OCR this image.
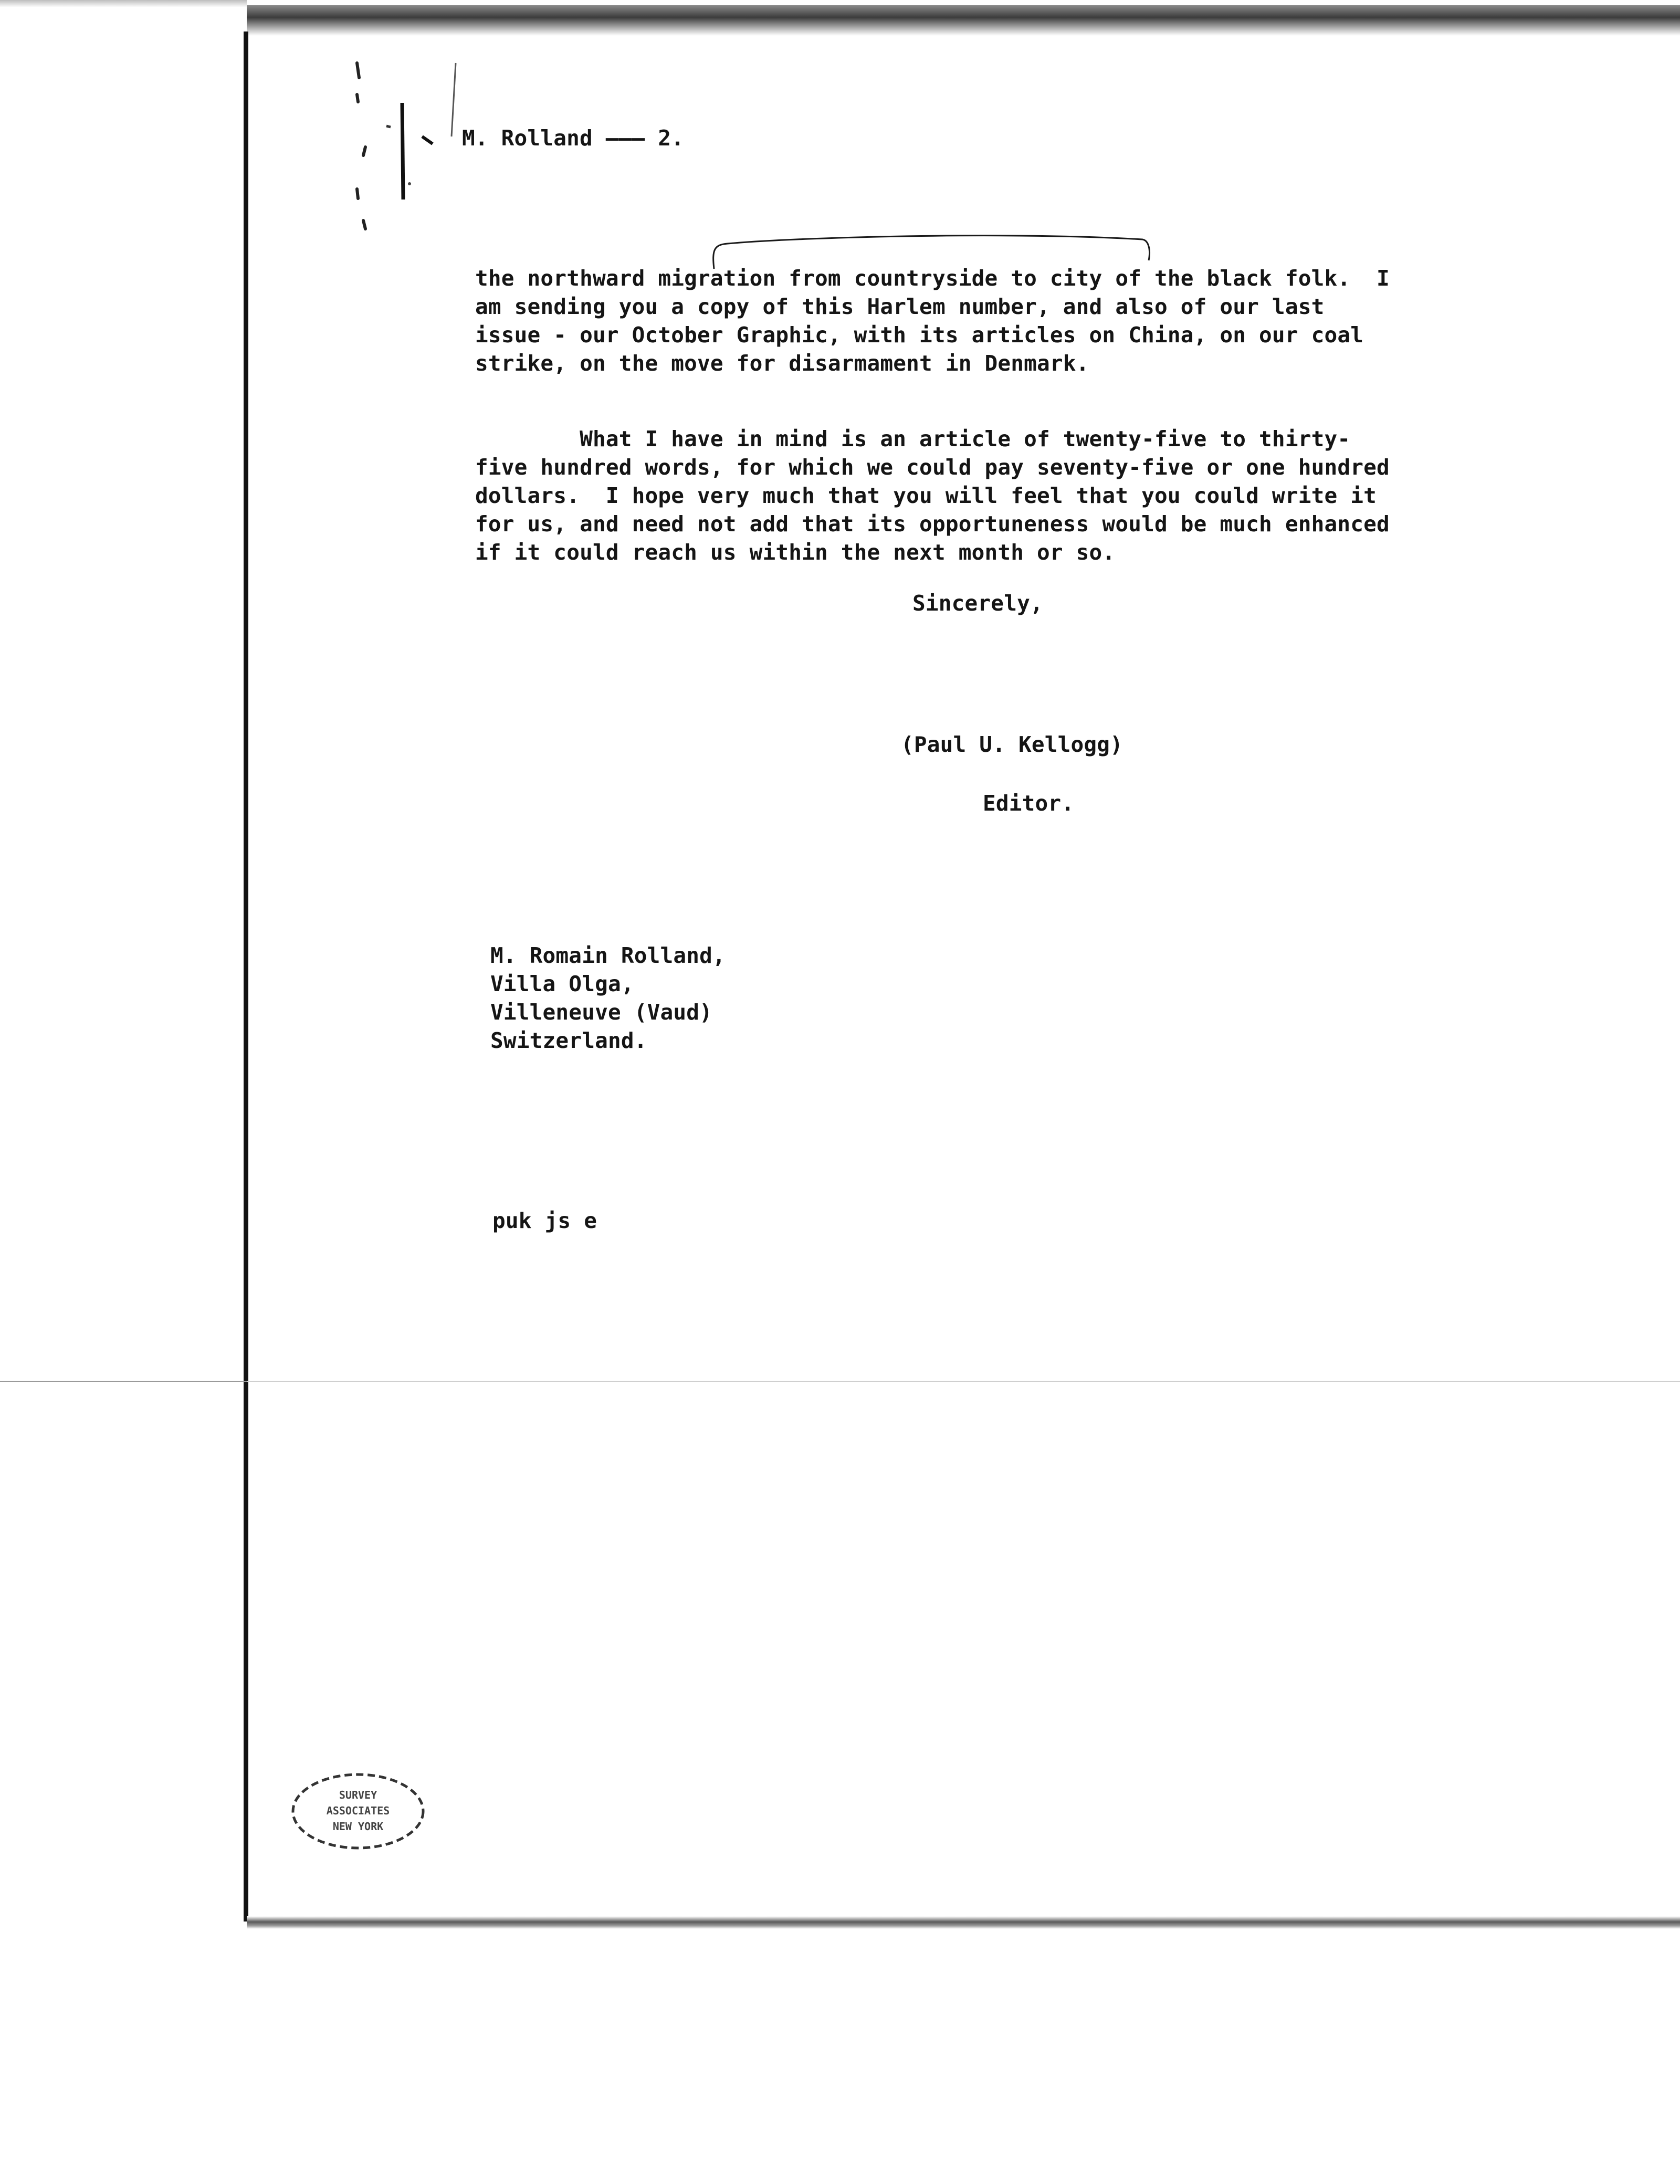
M. Rolland ——— 2.
the northward migration from countryside to city of the black folk.  I
am sending you a copy of this Harlem number, and also of our last
issue - our October Graphic, with its articles on China, on our coal
strike, on the move for disarmament in Denmark.
What I have in mind is an article of twenty-five to thirty-
five hundred words, for which we could pay seventy-five or one hundred
dollars.  I hope very much that you will feel that you could write it
for us, and need not add that its opportuneness would be much enhanced
if it could reach us within the next month or so.
Sincerely,
(Paul U. Kellogg)
Editor.
M. Romain Rolland,
Villa Olga,
Villeneuve (Vaud)
Switzerland.
puk js e
SURVEY
ASSOCIATES
NEW YORK
